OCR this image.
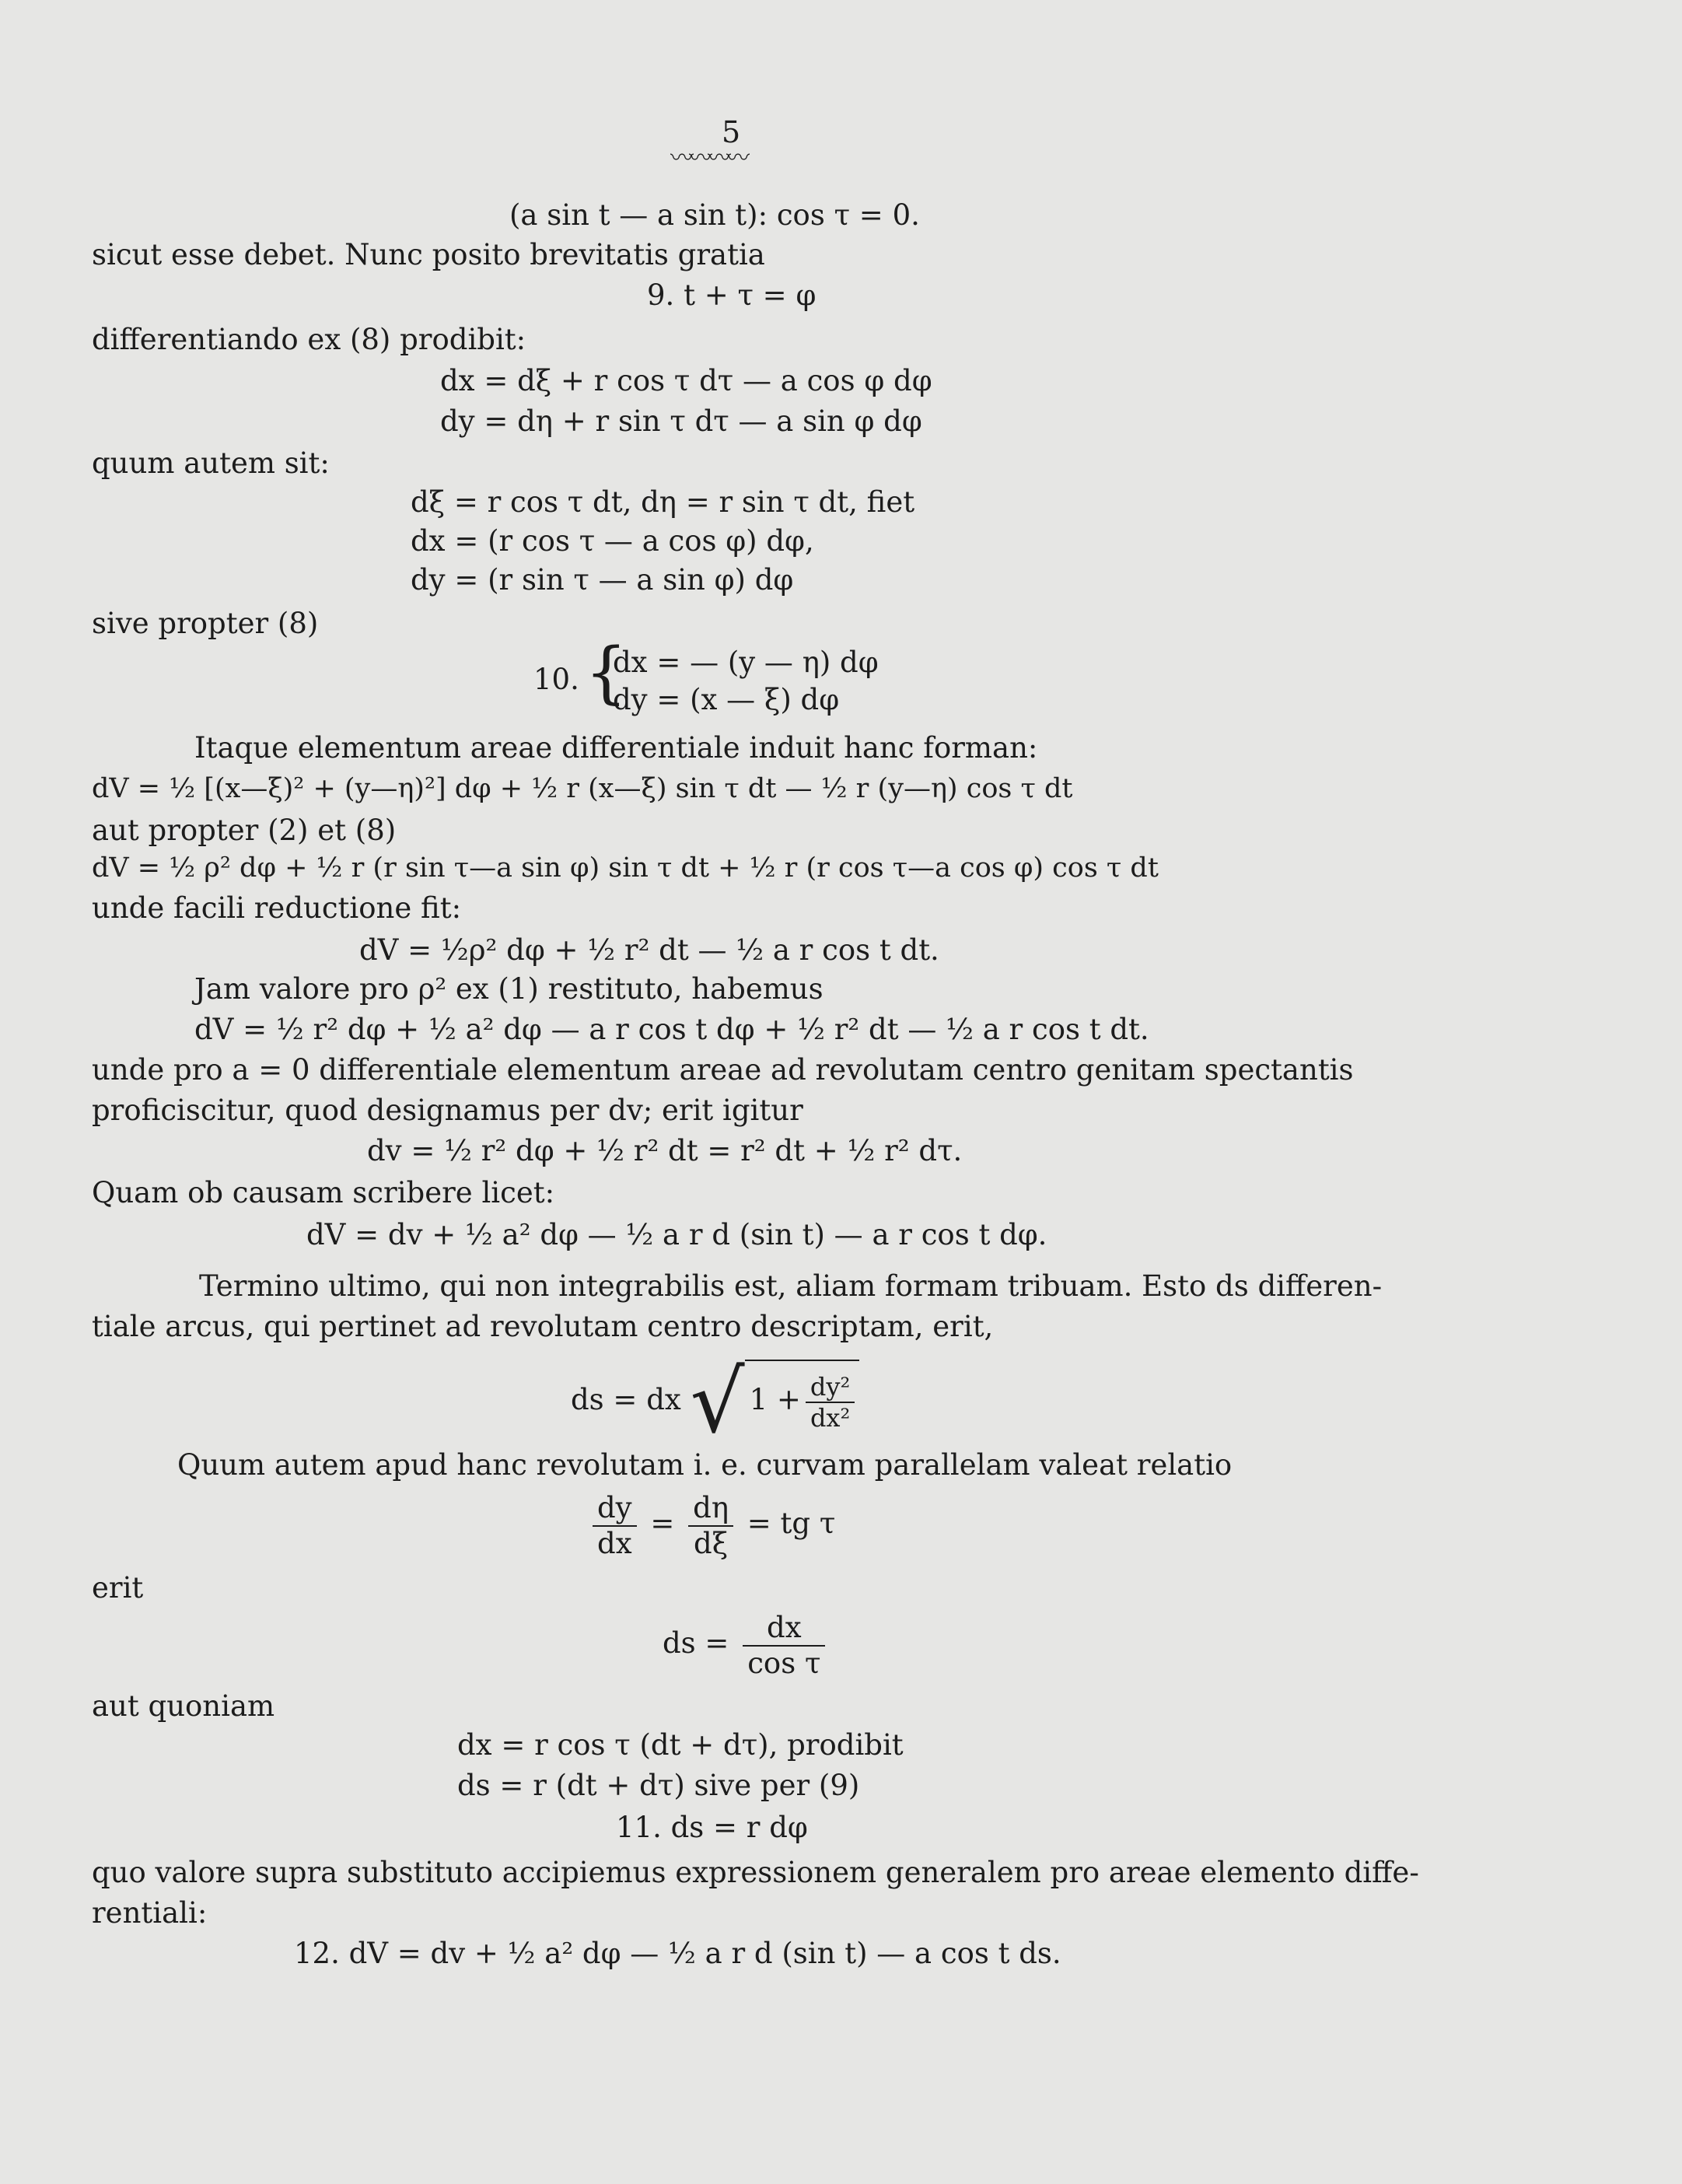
5
〰〰〰〰
(a sin t — a sin t): cos τ = 0.
sicut esse debet. Nunc posito brevitatis gratia
9. t + τ = φ
differentiando ex (8) prodibit:
dx = dξ + r cos τ dτ — a cos φ dφ
dy = dη + r sin τ dτ — a sin φ dφ
quum autem sit:
dξ = r cos τ dt, dη = r sin τ dt, fiet
dx = (r cos τ — a cos φ) dφ,
dy = (r sin τ — a sin φ) dφ
sive propter (8)
10. {
dx = — (y — η) dφ
dy = (x — ξ) dφ
Itaque elementum areae differentiale induit hanc forman:
dV = ½ [(x—ξ)² + (y—η)²] dφ + ½ r (x—ξ) sin τ dt — ½ r (y—η) cos τ dt
aut propter (2) et (8)
dV = ½ ρ² dφ + ½ r (r sin τ—a sin φ) sin τ dt + ½ r (r cos τ—a cos φ) cos τ dt
unde facili reductione fit:
dV = ½ρ² dφ + ½ r² dt — ½ a r cos t dt.
Jam valore pro ρ² ex (1) restituto, habemus
dV = ½ r² dφ + ½ a² dφ — a r cos t dφ + ½ r² dt — ½ a r cos t dt.
unde pro a = 0 differentiale elementum areae ad revolutam centro genitam spectantis
proficiscitur, quod designamus per dv; erit igitur
dv = ½ r² dφ + ½ r² dt = r² dt + ½ r² dτ.
Quam ob causam scribere licet:
dV = dv + ½ a² dφ — ½ a r d (sin t) — a r cos t dφ.
Termino ultimo, qui non integrabilis est, aliam formam tribuam. Esto ds differen-
tiale arcus, qui pertinet ad revolutam centro descriptam, erit,
ds = dx √ $1 + \frac{\text{dy²}}{\text{dx²}}$
Quum autem apud hanc revolutam i. e. curvam parallelam valeat relatio
$\frac{dy}{dx} = \frac{d\eta}{d\xi}$ = tg τ
erit
ds = $\frac{dx}{\text{cos τ}}$
aut quoniam
dx = r cos τ (dt + dτ), prodibit
ds = r (dt + dτ) sive per (9)
11. ds = r dφ
quo valore supra substituto accipiemus expressionem generalem pro areae elemento diffe-
rentiali:
12. dV = dv + ½ a² dφ — ½ a r d (sin t) — a cos t ds.
